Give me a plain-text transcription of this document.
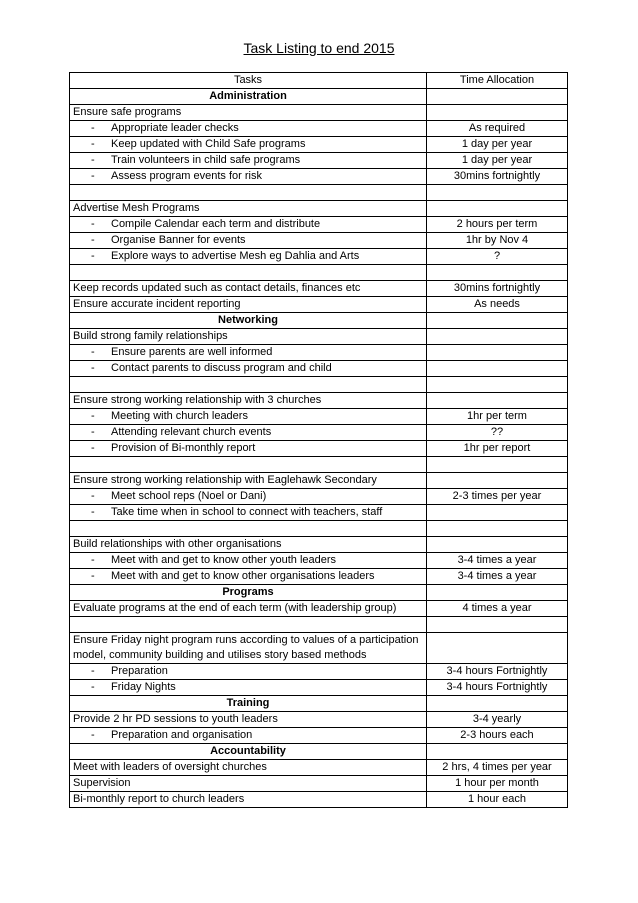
Task Listing to end 2015
Tasks	Time Allocation
Administration	
Ensure safe programs	
- Appropriate leader checks	As required
- Keep updated with Child Safe programs	1 day per year
- Train volunteers in child safe programs	1 day per year
- Assess program events for risk	30mins fortnightly

Advertise Mesh Programs	
- Compile Calendar each term and distribute	2 hours per term
- Organise Banner for events	1hr by Nov 4
- Explore ways to advertise Mesh eg Dahlia and Arts	?

Keep records updated such as contact details, finances etc	30mins fortnightly
Ensure accurate incident reporting	As needs
Networking	
Build strong family relationships	
- Ensure parents are well informed	
- Contact parents to discuss program and child	

Ensure strong working relationship with 3 churches	
- Meeting with church leaders	1hr per term
- Attending relevant church events	??
- Provision of Bi-monthly report	1hr per report

Ensure strong working relationship with Eaglehawk Secondary	
- Meet school reps (Noel or Dani)	2-3 times per year
- Take time when in school to connect with teachers, staff	

Build relationships with other organisations	
- Meet with and get to know other youth leaders	3-4 times a year
- Meet with and get to know other organisations leaders	3-4 times a year
Programs	
Evaluate programs at the end of each term (with leadership group)	4 times a year

Ensure Friday night program runs according to values of a participation model, community building and utilises story based methods	
- Preparation	3-4 hours Fortnightly
- Friday Nights	3-4 hours Fortnightly
Training	
Provide 2 hr PD sessions to youth leaders	3-4 yearly
- Preparation and organisation	2-3 hours each
Accountability	
Meet with leaders of oversight churches	2 hrs, 4 times per year
Supervision	1 hour per month
Bi-monthly report to church leaders	1 hour each
